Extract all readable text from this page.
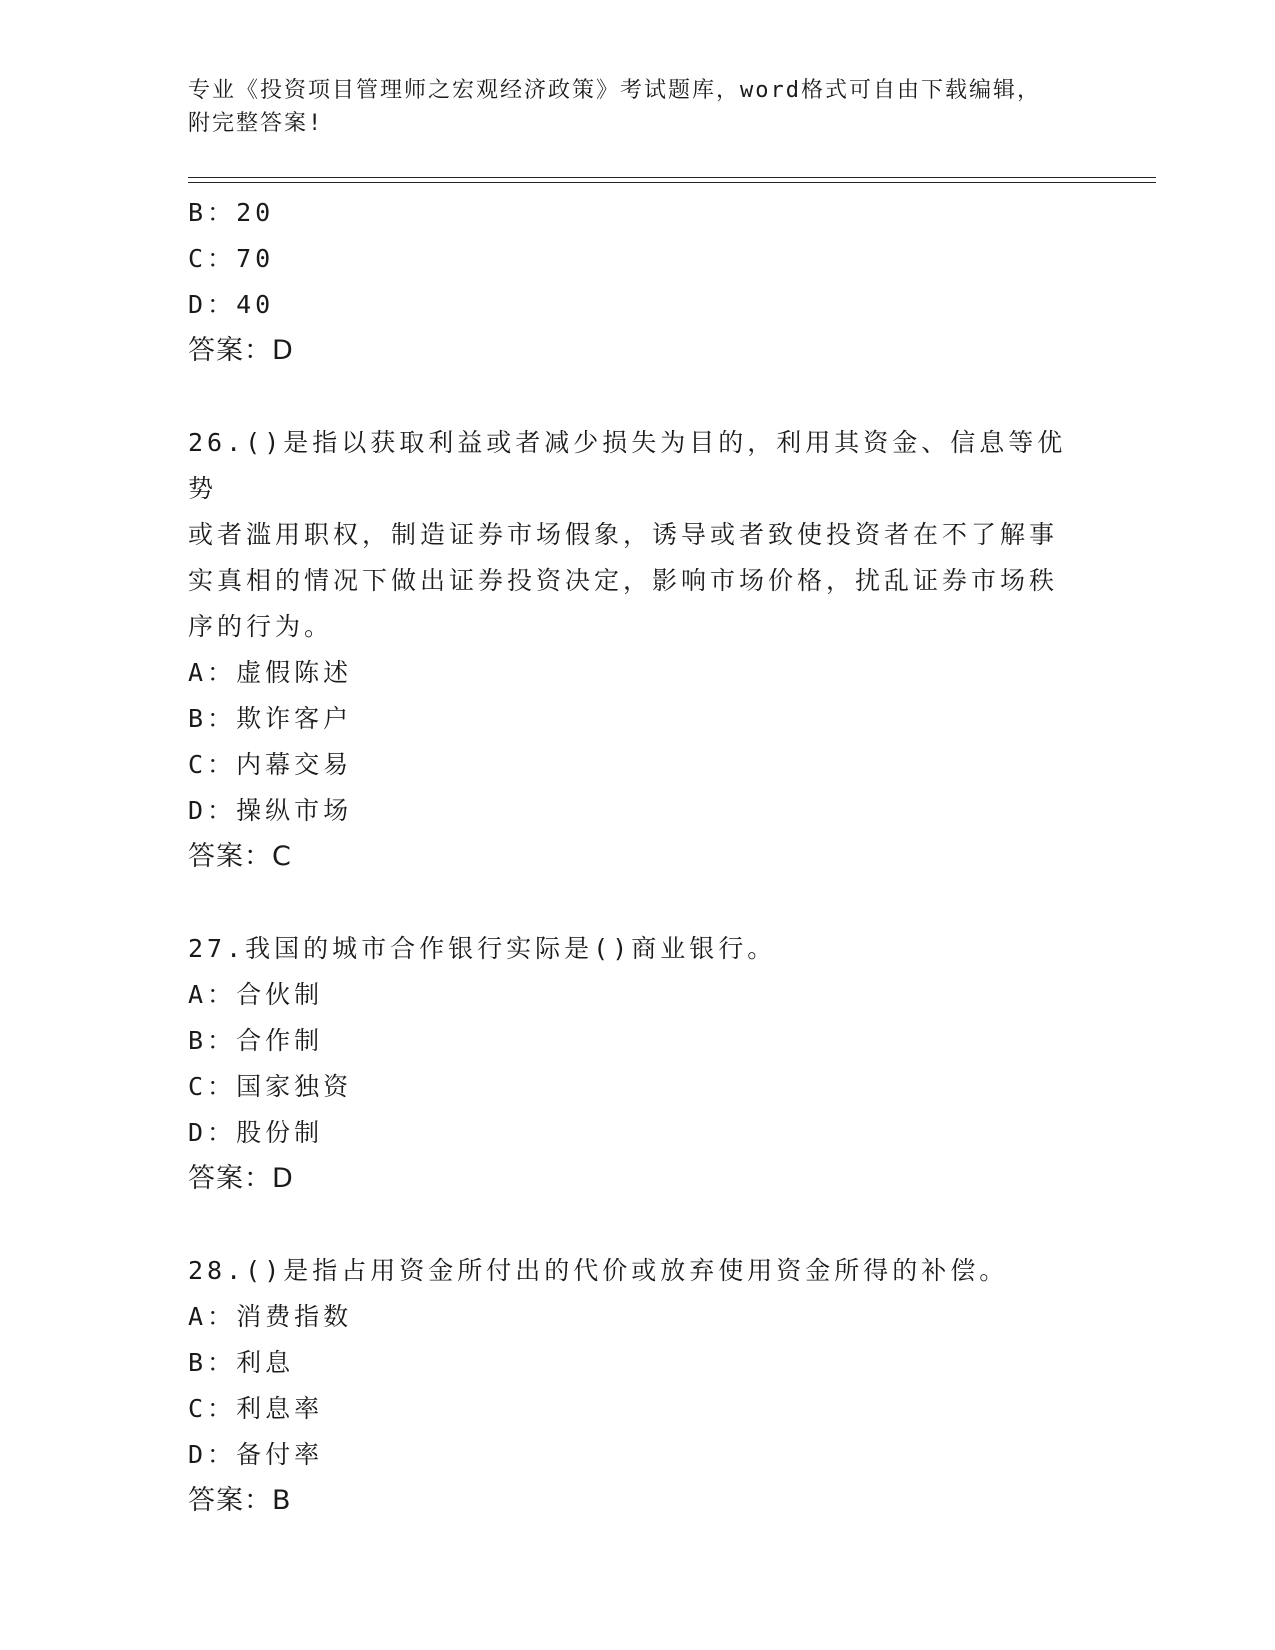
专业《投资项目管理师之宏观经济政策》考试题库，word格式可自由下载编辑，
附完整答案!
B：20
C：70
D：40
答案：D
26.()是指以获取利益或者减少损失为目的，利用其资金、信息等优势
或者滥用职权，制造证券市场假象，诱导或者致使投资者在不了解事
实真相的情况下做出证券投资决定，影响市场价格，扰乱证券市场秩
序的行为。
A：虚假陈述
B：欺诈客户
C：内幕交易
D：操纵市场
答案：C
27.我国的城市合作银行实际是()商业银行。
A：合伙制
B：合作制
C：国家独资
D：股份制
答案：D
28.()是指占用资金所付出的代价或放弃使用资金所得的补偿。
A：消费指数
B：利息
C：利息率
D：备付率
答案：B
